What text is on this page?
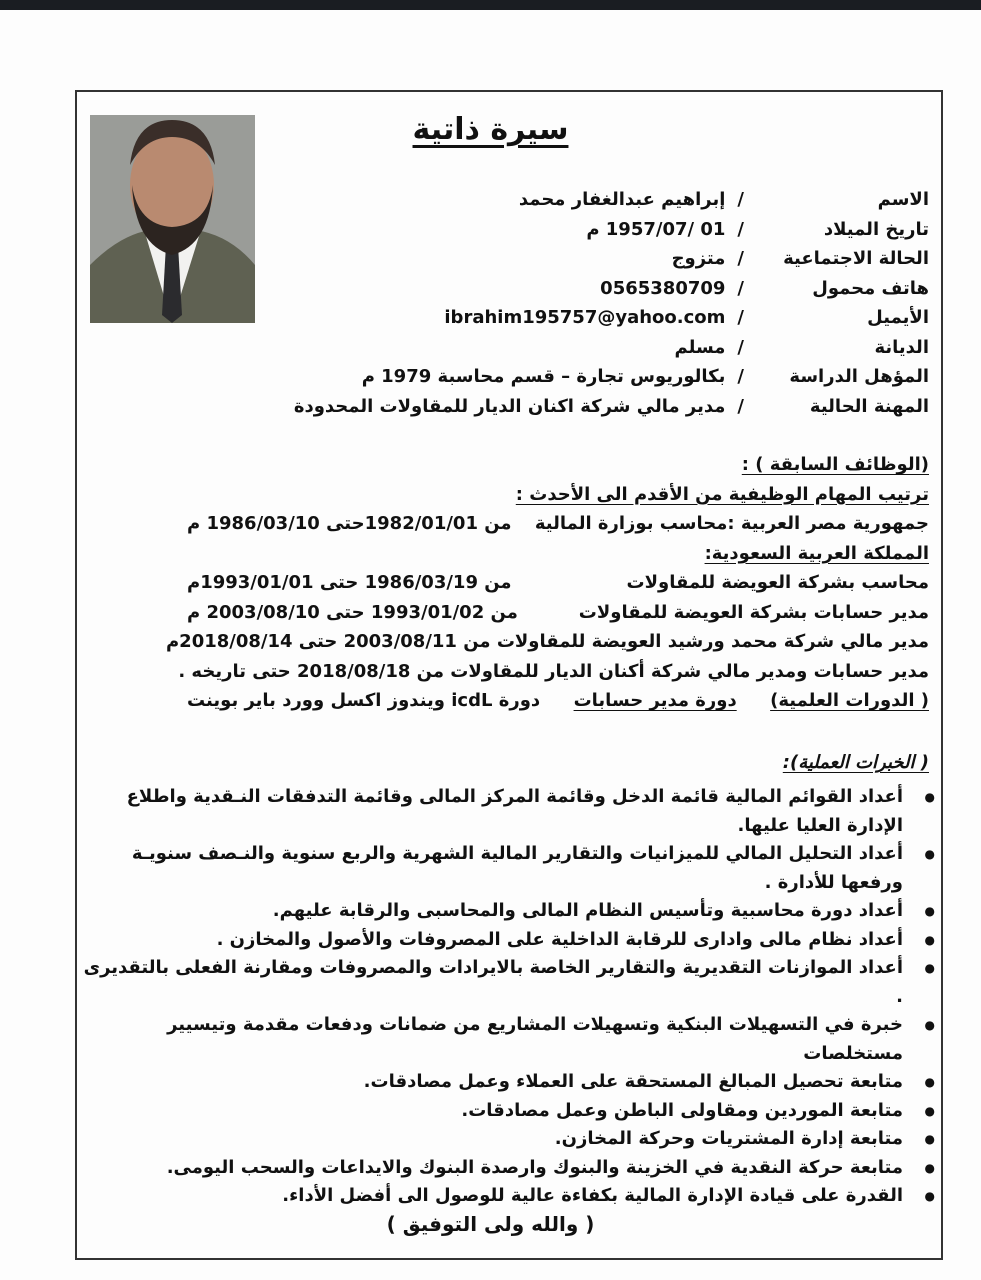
سيرة ذاتية
الاسم
/
إبراهيم عبدالغفار محمد
تاريخ الميلاد
/
01 /1957/07 م
الحالة الاجتماعية
/
متزوج
هاتف محمول
/
0565380709
الأيميل
/
ibrahim195757@yahoo.com
الديانة
/
مسلم
المؤهل الدراسة
/
بكالوريوس تجارة – قسم محاسبة 1979 م
المهنة الحالية
/
مدير مالي شركة اكنان الديار للمقاولات المحدودة
(الوظائف السابقة ) :
ترتيب المهام الوظيفية من الأقدم الى الأحدث :
جمهورية مصر العربية :محاسب بوزارة المالية
من 1982/01/01حتى 1986/03/10 م
المملكة العربية السعودية:
محاسب بشركة العويضة للمقاولات
من 1986/03/19 حتى 1993/01/01م
مدير حسابات بشركة العويضة للمقاولات
من 1993/01/02 حتى 2003/08/10 م
مدير مالي شركة محمد ورشيد العويضة للمقاولات من 2003/08/11 حتى 2018/08/14م
مدير حسابات ومدير مالي شركة أكنان الديار للمقاولات من 2018/08/18 حتى تاريخه .
( الدورات العلمية)
دورة مدير حسابات
دورة icdL ويندوز اكسل وورد باير بوينت
( الخبرات العملية):
●
أعداد القوائم المالية قائمة الدخل وقائمة المركز المالى وقائمة التدفقات النـقدية واطلاع الإدارة العليا عليها.
●
أعداد التحليل المالي للميزانيات والتقارير المالية الشهرية والربع سنوية والنـصف سنويـة ورفعها للأدارة .
●
أعداد دورة محاسبية وتأسيس النظام المالى والمحاسبى والرقابة عليهم.
●
أعداد نظام مالى وادارى للرقابة الداخلية على المصروفات والأصول والمخازن .
●
أعداد الموازنات التقديرية والتقارير الخاصة بالايرادات والمصروفات ومقارنة الفعلى بالتقديرى .
●
خبرة في التسهيلات البنكية وتسهيلات المشاريع من ضمانات ودفعات مقدمة وتيسيير مستخلصات
●
متابعة تحصيل المبالغ المستحقة على العملاء وعمل مصادقات.
●
متابعة الموردين ومقاولى الباطن وعمل مصادقات.
●
متابعة إدارة المشتريات وحركة المخازن.
●
متابعة حركة النقدية في الخزينة والبنوك وارصدة البنوك والايداعات والسحب اليومى.
●
القدرة على قيادة الإدارة المالية بكفاءة عالية للوصول الى أفضل الأداء.
( والله ولى التوفيق )
